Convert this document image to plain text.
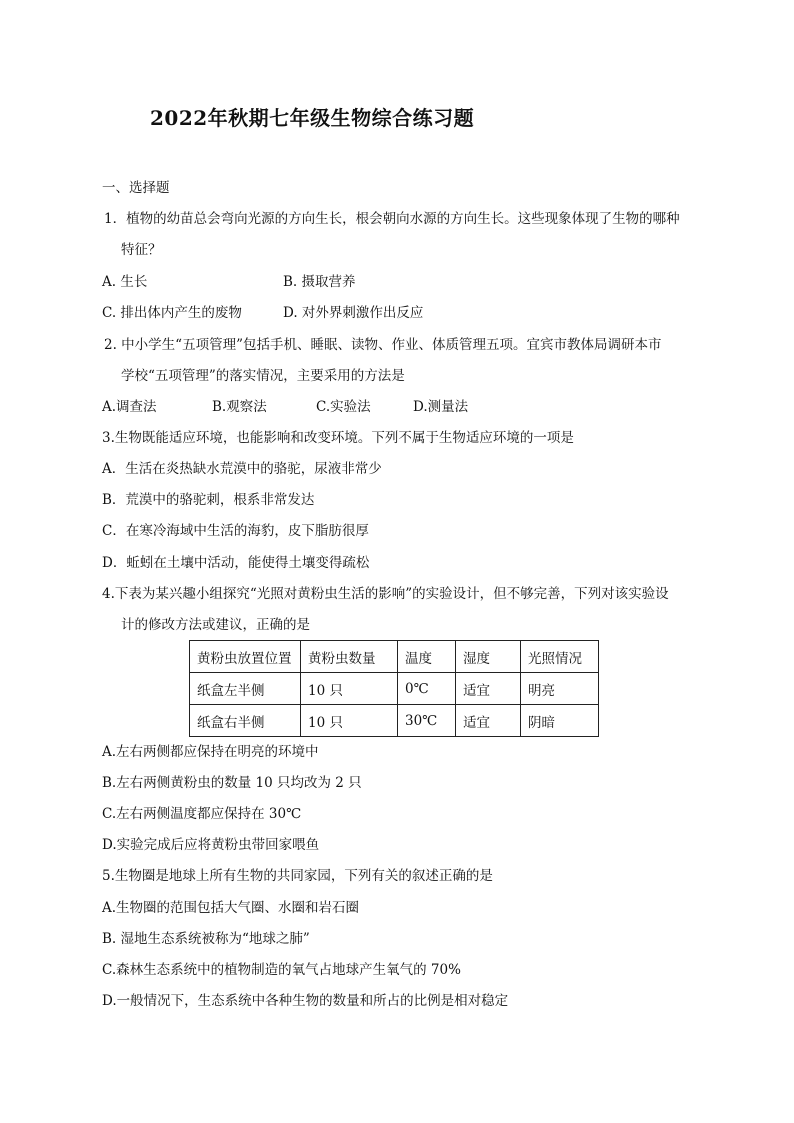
2022年秋期七年级生物综合练习题
一、选择题
1．植物的幼苗总会弯向光源的方向生长，根会朝向水源的方向生长。这些现象体现了生物的哪种
特征？
A. 生长	B. 摄取营养
C. 排出体内产生的废物	D. 对外界刺激作出反应
2. 中小学生“五项管理”包括手机、睡眠、读物、作业、体质管理五项。宜宾市教体局调研本市
学校“五项管理”的落实情况，主要采用的方法是
A.调查法	B.观察法	C.实验法	D.测量法
3.生物既能适应环境，也能影响和改变环境。下列不属于生物适应环境的一项是
A．生活在炎热缺水荒漠中的骆驼，尿液非常少
B．荒漠中的骆驼刺，根系非常发达
C．在寒冷海域中生活的海豹，皮下脂肪很厚
D．蚯蚓在土壤中活动，能使得土壤变得疏松
4.下表为某兴趣小组探究“光照对黄粉虫生活的影响”的实验设计，但不够完善，下列对该实验设
计的修改方法或建议，正确的是
黄粉虫放置位置	黄粉虫数量	温度	湿度	光照情况
纸盒左半侧	10 只	0℃	适宜	明亮
纸盒右半侧	10 只	30℃	适宜	阴暗
A.左右两侧都应保持在明亮的环境中
B.左右两侧黄粉虫的数量 10 只均改为 2 只
C.左右两侧温度都应保持在 30℃
D.实验完成后应将黄粉虫带回家喂鱼
5.生物圈是地球上所有生物的共同家园，下列有关的叙述正确的是
A.生物圈的范围包括大气圈、水圈和岩石圈
B. 湿地生态系统被称为“地球之肺”
C.森林生态系统中的植物制造的氧气占地球产生氧气的 70%
D.一般情况下，生态系统中各种生物的数量和所占的比例是相对稳定
